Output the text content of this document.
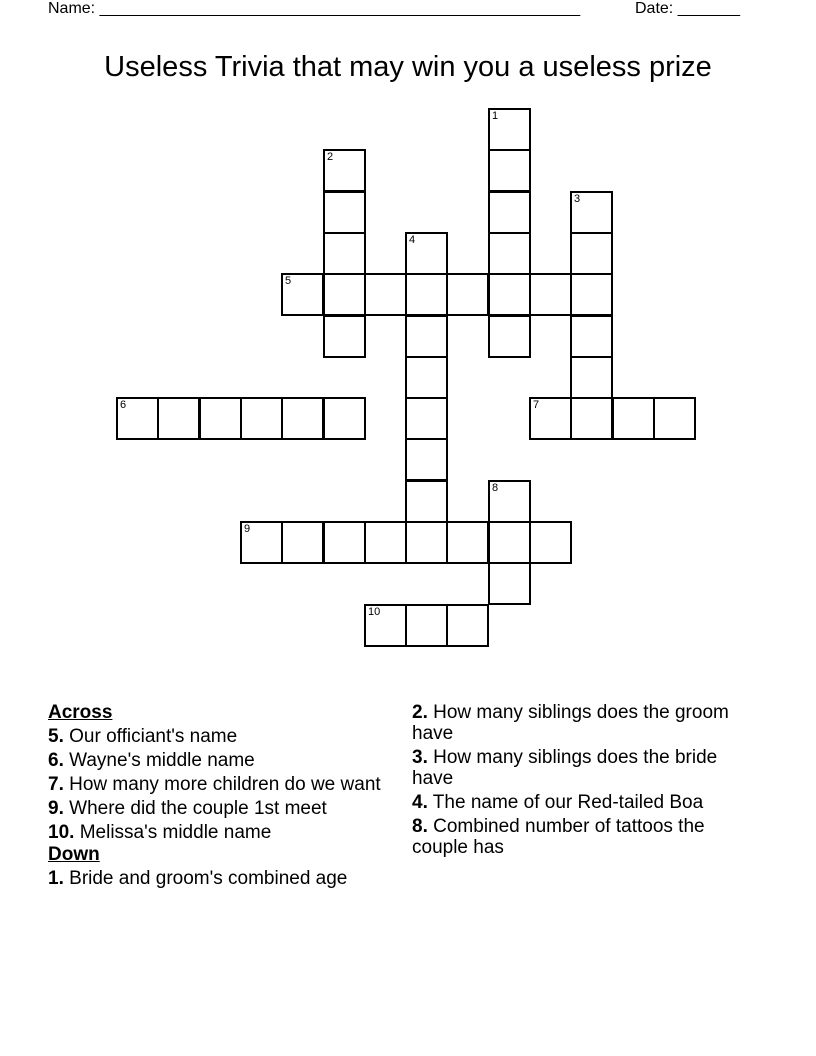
Name: ______________________________________________________	Date: _______
Useless Trivia that may win you a useless prize
1
2
3
4
5
6	7
8
9
10
Across
5. Our officiant's name
6. Wayne's middle name
7. How many more children do we want
9. Where did the couple 1st meet
10. Melissa's middle name
Down
1. Bride and groom's combined age
2. How many siblings does the groom have
3. How many siblings does the bride have
4. The name of our Red-tailed Boa
8. Combined number of tattoos the couple has
